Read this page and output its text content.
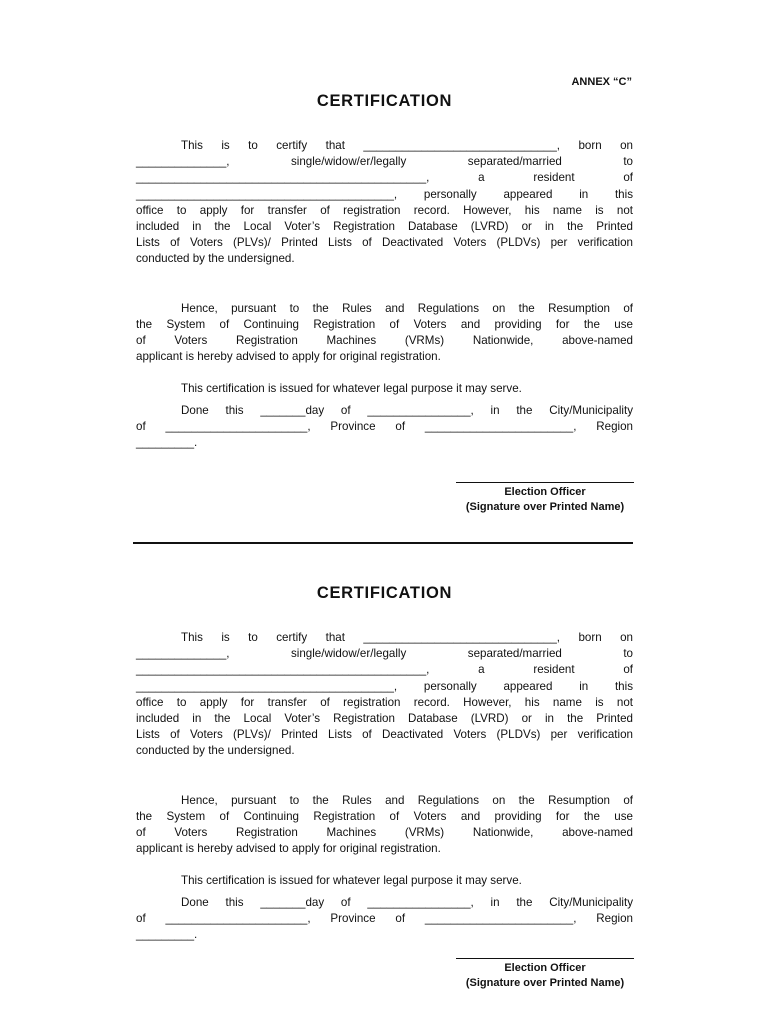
ANNEX “C”
CERTIFICATION
This is to certify that ______________________________, born on
______________, single/widow/er/legally separated/married to
_____________________________________________, a resident of
________________________________________, personally appeared in this
office to apply for transfer of registration record. However, his name is not
included in the Local Voter’s Registration Database (LVRD) or in the Printed
Lists of Voters (PLVs)/ Printed Lists of Deactivated Voters (PLDVs) per verification
conducted by the undersigned.
Hence, pursuant to the Rules and Regulations on the Resumption of
the System of Continuing Registration of Voters and providing for the use
of Voters Registration Machines (VRMs) Nationwide, above-named
applicant is hereby advised to apply for original registration.
This certification is issued for whatever legal purpose it may serve.
Done this _______day of ________________, in the City/Municipality
of ______________________, Province of _______________________, Region
_________.
Election Officer
(Signature over Printed Name)
CERTIFICATION
This is to certify that ______________________________, born on
______________, single/widow/er/legally separated/married to
_____________________________________________, a resident of
________________________________________, personally appeared in this
office to apply for transfer of registration record. However, his name is not
included in the Local Voter’s Registration Database (LVRD) or in the Printed
Lists of Voters (PLVs)/ Printed Lists of Deactivated Voters (PLDVs) per verification
conducted by the undersigned.
Hence, pursuant to the Rules and Regulations on the Resumption of
the System of Continuing Registration of Voters and providing for the use
of Voters Registration Machines (VRMs) Nationwide, above-named
applicant is hereby advised to apply for original registration.
This certification is issued for whatever legal purpose it may serve.
Done this _______day of ________________, in the City/Municipality
of ______________________, Province of _______________________, Region
_________.
Election Officer
(Signature over Printed Name)
